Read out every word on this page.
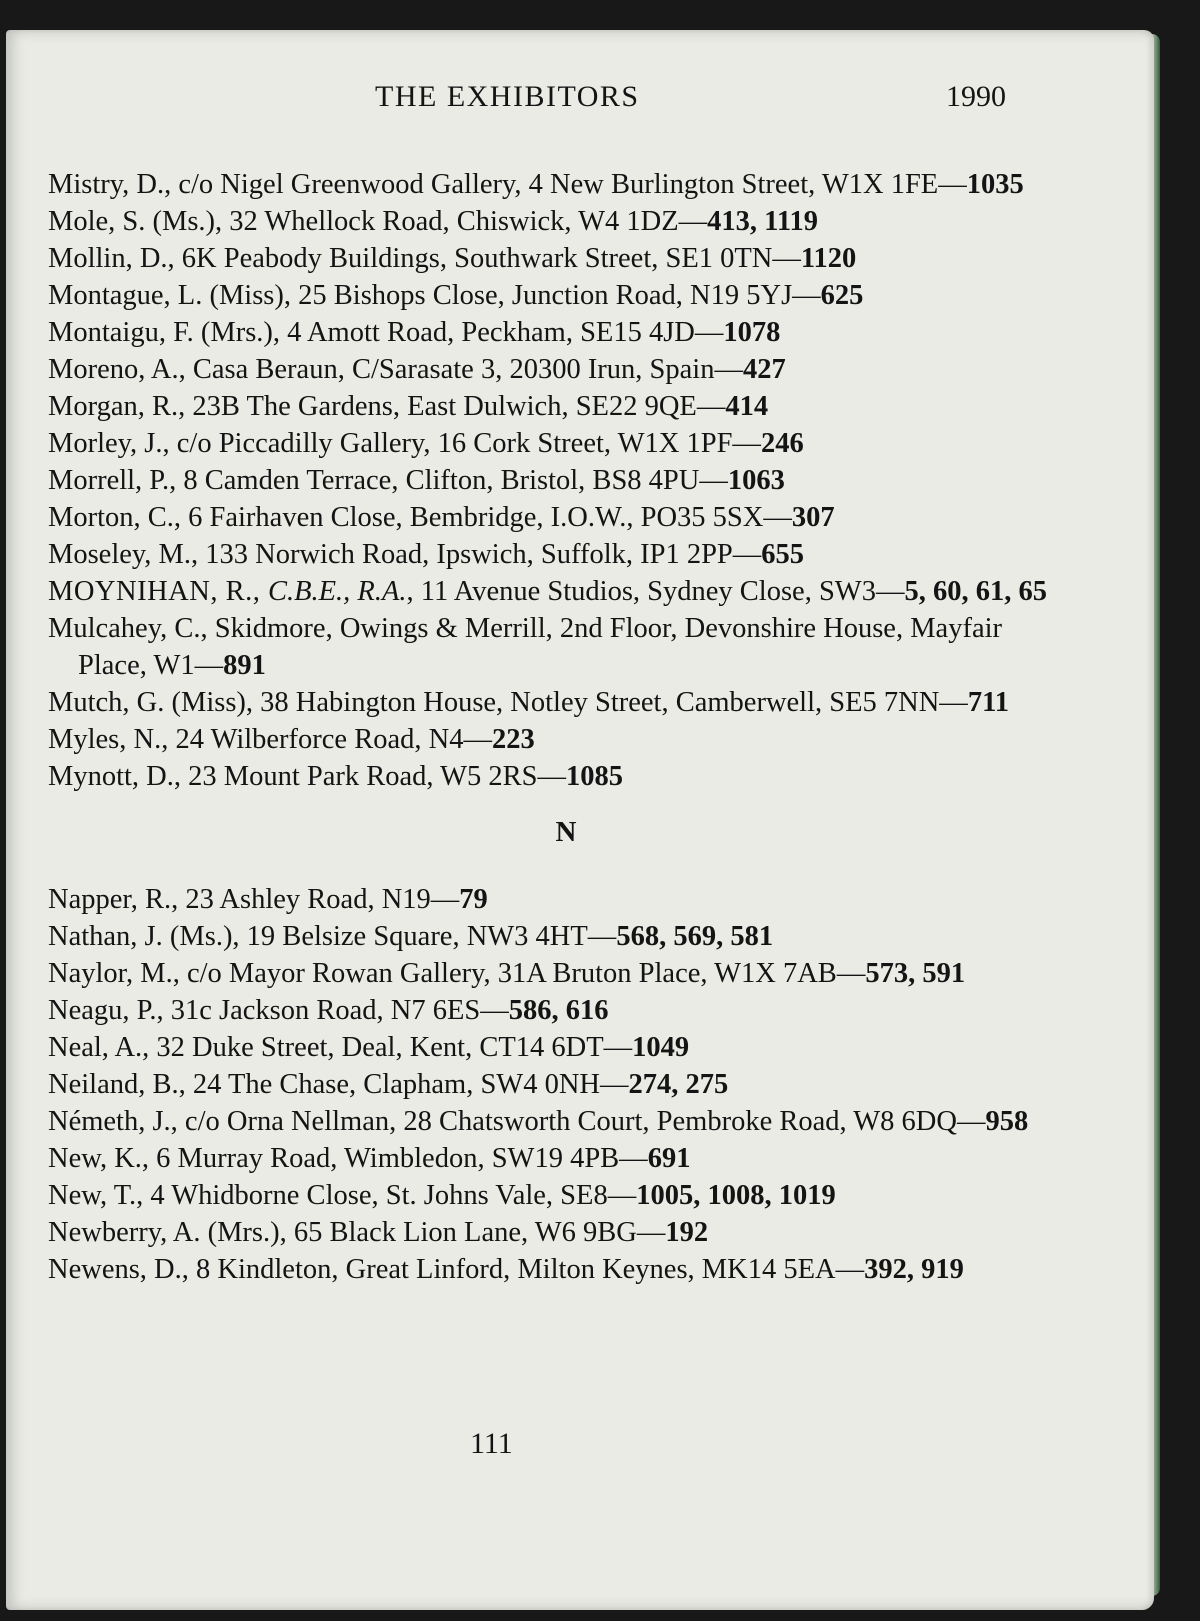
THE EXHIBITORS	1990
Mistry, D., c/o Nigel Greenwood Gallery, 4 New Burlington Street, W1X 1FE—1035
Mole, S. (Ms.), 32 Whellock Road, Chiswick, W4 1DZ—413, 1119
Mollin, D., 6K Peabody Buildings, Southwark Street, SE1 0TN—1120
Montague, L. (Miss), 25 Bishops Close, Junction Road, N19 5YJ—625
Montaigu, F. (Mrs.), 4 Amott Road, Peckham, SE15 4JD—1078
Moreno, A., Casa Beraun, C/Sarasate 3, 20300 Irun, Spain—427
Morgan, R., 23B The Gardens, East Dulwich, SE22 9QE—414
Morley, J., c/o Piccadilly Gallery, 16 Cork Street, W1X 1PF—246
Morrell, P., 8 Camden Terrace, Clifton, Bristol, BS8 4PU—1063
Morton, C., 6 Fairhaven Close, Bembridge, I.O.W., PO35 5SX—307
Moseley, M., 133 Norwich Road, Ipswich, Suffolk, IP1 2PP—655
MOYNIHAN, R., C.B.E., R.A., 11 Avenue Studios, Sydney Close, SW3—5, 60, 61, 65
Mulcahey, C., Skidmore, Owings & Merrill, 2nd Floor, Devonshire House, Mayfair Place, W1—891
Mutch, G. (Miss), 38 Habington House, Notley Street, Camberwell, SE5 7NN—711
Myles, N., 24 Wilberforce Road, N4—223
Mynott, D., 23 Mount Park Road, W5 2RS—1085
N
Napper, R., 23 Ashley Road, N19—79
Nathan, J. (Ms.), 19 Belsize Square, NW3 4HT—568, 569, 581
Naylor, M., c/o Mayor Rowan Gallery, 31A Bruton Place, W1X 7AB—573, 591
Neagu, P., 31c Jackson Road, N7 6ES—586, 616
Neal, A., 32 Duke Street, Deal, Kent, CT14 6DT—1049
Neiland, B., 24 The Chase, Clapham, SW4 0NH—274, 275
Németh, J., c/o Orna Nellman, 28 Chatsworth Court, Pembroke Road, W8 6DQ—958
New, K., 6 Murray Road, Wimbledon, SW19 4PB—691
New, T., 4 Whidborne Close, St. Johns Vale, SE8—1005, 1008, 1019
Newberry, A. (Mrs.), 65 Black Lion Lane, W6 9BG—192
Newens, D., 8 Kindleton, Great Linford, Milton Keynes, MK14 5EA—392, 919
111
